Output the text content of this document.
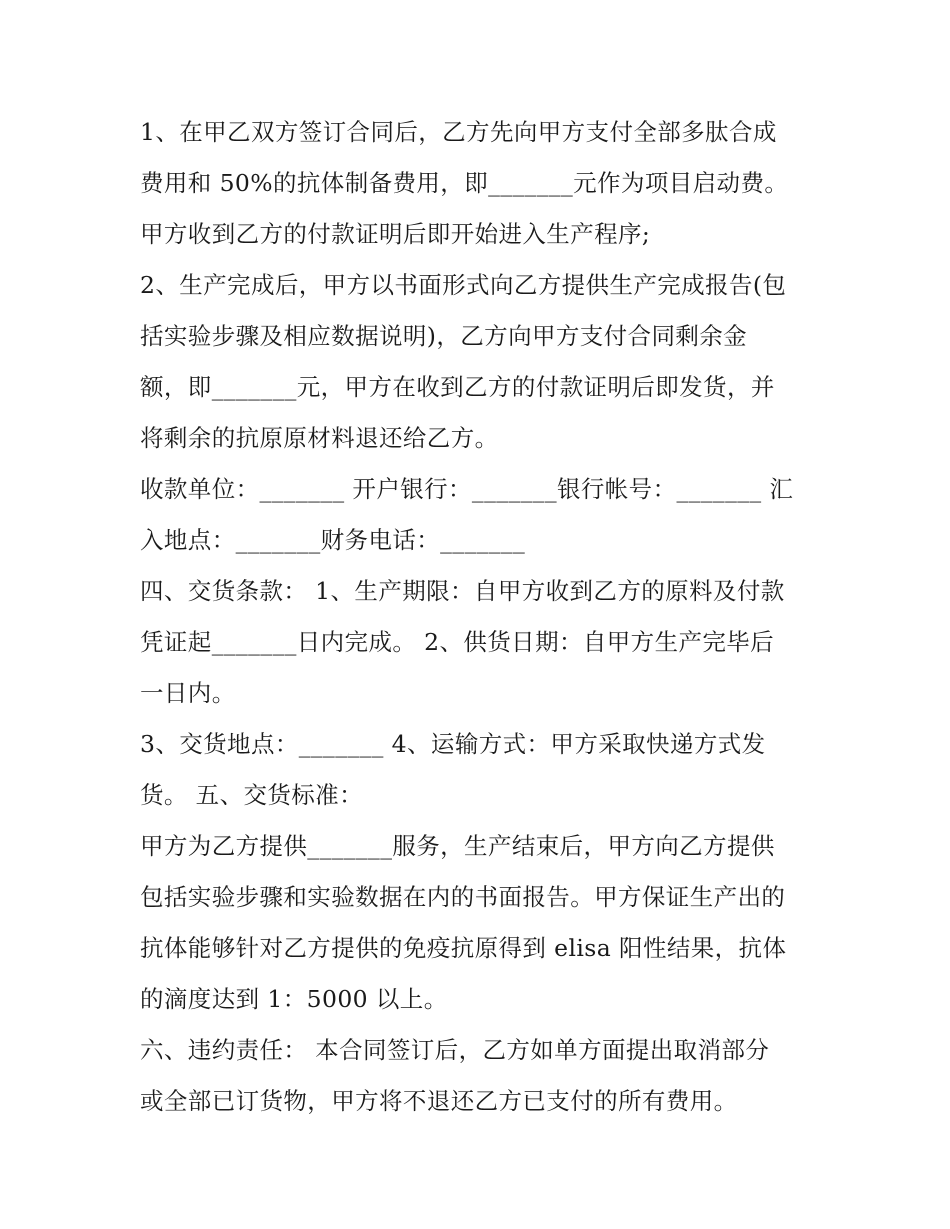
1、在甲乙双方签订合同后，乙方先向甲方支付全部多肽合成
费用和 50%的抗体制备费用，即_______元作为项目启动费。
甲方收到乙方的付款证明后即开始进入生产程序;
2、生产完成后，甲方以书面形式向乙方提供生产完成报告(包
括实验步骤及相应数据说明)，乙方向甲方支付合同剩余金
额，即_______元，甲方在收到乙方的付款证明后即发货，并
将剩余的抗原原材料退还给乙方。
收款单位：_______ 开户银行：_______银行帐号：_______ 汇
入地点：_______财务电话：_______
四、交货条款： 1、生产期限：自甲方收到乙方的原料及付款
凭证起_______日内完成。 2、供货日期：自甲方生产完毕后
一日内。
3、交货地点：_______ 4、运输方式：甲方采取快递方式发
货。 五、交货标准：
甲方为乙方提供_______服务，生产结束后，甲方向乙方提供
包括实验步骤和实验数据在内的书面报告。甲方保证生产出的
抗体能够针对乙方提供的免疫抗原得到 elisa 阳性结果，抗体
的滴度达到 1：5000 以上。
六、违约责任： 本合同签订后，乙方如单方面提出取消部分
或全部已订货物，甲方将不退还乙方已支付的所有费用。
